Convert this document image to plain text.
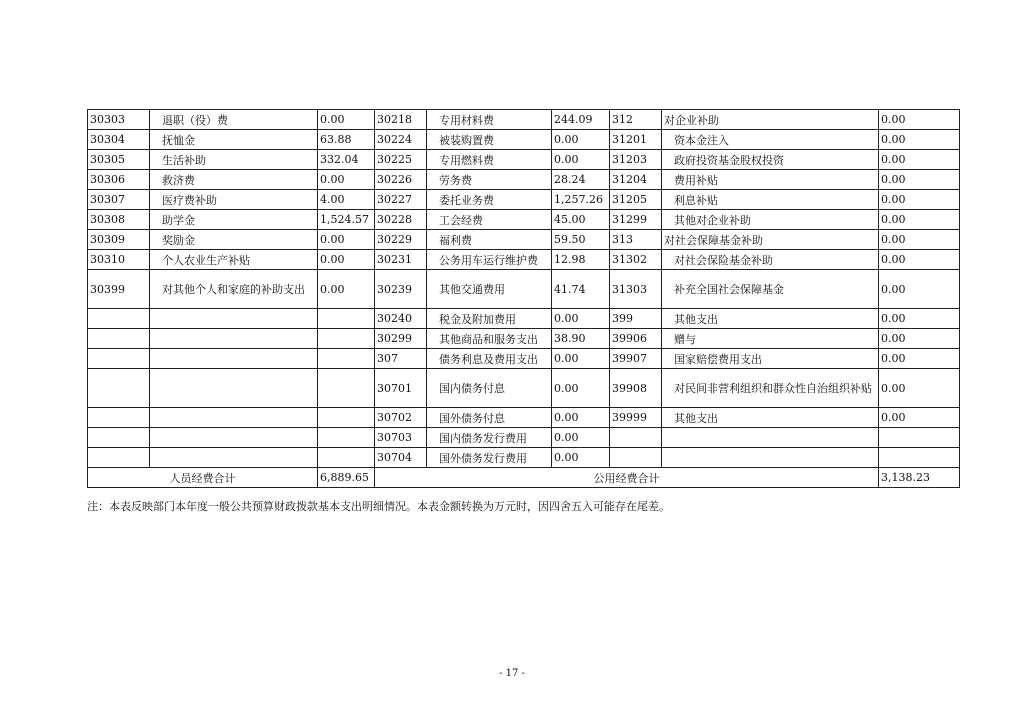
30303	退职（役）费	0.00	30218	专用材料费	244.09	312	对企业补助	0.00
30304	抚恤金	63.88	30224	被装购置费	0.00	31201	资本金注入	0.00
30305	生活补助	332.04	30225	专用燃料费	0.00	31203	政府投资基金股权投资	0.00
30306	救济费	0.00	30226	劳务费	28.24	31204	费用补贴	0.00
30307	医疗费补助	4.00	30227	委托业务费	1,257.26	31205	利息补贴	0.00
30308	助学金	1,524.57	30228	工会经费	45.00	31299	其他对企业补助	0.00
30309	奖励金	0.00	30229	福利费	59.50	313	对社会保障基金补助	0.00
30310	个人农业生产补贴	0.00	30231	公务用车运行维护费	12.98	31302	对社会保险基金补助	0.00
30399	对其他个人和家庭的补助支出	0.00	30239	其他交通费用	41.74	31303	补充全国社会保障基金	0.00
			30240	税金及附加费用	0.00	399	其他支出	0.00
			30299	其他商品和服务支出	38.90	39906	赠与	0.00
			307	债务利息及费用支出	0.00	39907	国家赔偿费用支出	0.00
			30701	国内债务付息	0.00	39908	对民间非营利组织和群众性自治组织补贴	0.00
			30702	国外债务付息	0.00	39999	其他支出	0.00
			30703	国内债务发行费用	0.00			
			30704	国外债务发行费用	0.00			
人员经费合计		6,889.65	公用经费合计					3,138.23
注：本表反映部门本年度一般公共预算财政拨款基本支出明细情况。本表金额转换为万元时，因四舍五入可能存在尾差。
- 17 -
